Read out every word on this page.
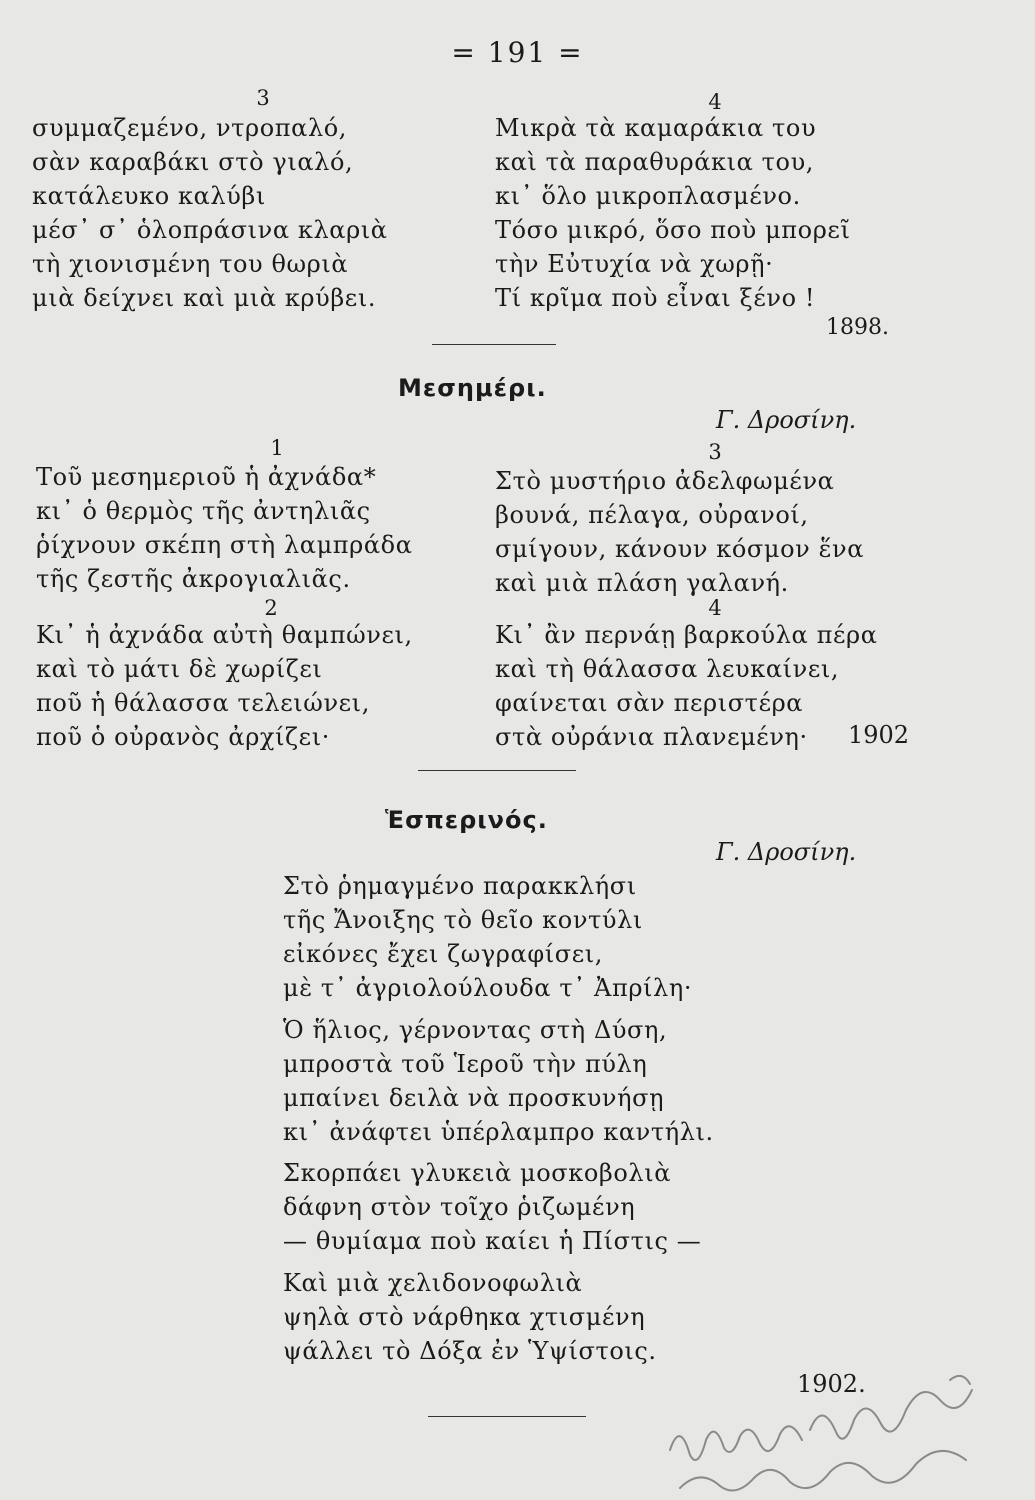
= 191 =
3
συμμαζεμένο, ντροπαλό,
σὰν καραβάκι στὸ γιαλό,
κατάλευκο καλύβι
μέσ᾽ σ᾽ ὁλοπράσινα κλαριὰ
τὴ χιονισμένη του θωριὰ
μιὰ δείχνει καὶ μιὰ κρύβει.
4
Μικρὰ τὰ καμαράκια του
καὶ τὰ παραθυράκια του,
κι᾽ ὅλο μικροπλασμένο.
Τόσο μικρό, ὅσο ποὺ μπορεῖ
τὴν Εὐτυχία νὰ χωρῇ·
Τί κρῖμα ποὺ εἶναι ξένο !
1898.
Μεσημέρι.
Γ. Δροσίνη.
1
Τοῦ μεσημεριοῦ ἡ ἀχνάδα*
κι᾽ ὁ θερμὸς τῆς ἀντηλιᾶς
ῥίχνουν σκέπη στὴ λαμπράδα
τῆς ζεστῆς ἀκρογιαλιᾶς.
2
Κι᾽ ἡ ἀχνάδα αὐτὴ θαμπώνει,
καὶ τὸ μάτι δὲ χωρίζει
ποῦ ἡ θάλασσα τελειώνει,
ποῦ ὁ οὐρανὸς ἀρχίζει·
3
Στὸ μυστήριο ἀδελφωμένα
βουνά, πέλαγα, οὐρανοί,
σμίγουν, κάνουν κόσμον ἕνα
καὶ μιὰ πλάση γαλανή.
4
Κι᾽ ἂν περνάῃ βαρκούλα πέρα
καὶ τὴ θάλασσα λευκαίνει,
φαίνεται σὰν περιστέρα
στὰ οὐράνια πλανεμένη·	1902
Ἑσπερινός.
Γ. Δροσίνη.
Στὸ ῥημαγμένο παρακκλήσι
τῆς Ἄνοιξης τὸ θεῖο κοντύλι
εἰκόνες ἔχει ζωγραφίσει,
μὲ τ᾽ ἀγριολούλουδα τ᾽ Ἀπρίλη·
Ὁ ἥλιος, γέρνοντας στὴ Δύση,
μπροστὰ τοῦ Ἱεροῦ τὴν πύλη
μπαίνει δειλὰ νὰ προσκυνήσῃ
κι᾽ ἀνάφτει ὑπέρλαμπρο καντήλι.
Σκορπάει γλυκειὰ μοσκοβολιὰ
δάφνη στὸν τοῖχο ῥιζωμένη
— θυμίαμα ποὺ καίει ἡ Πίστις —
Καὶ μιὰ χελιδονοφωλιὰ
ψηλὰ στὸ νάρθηκα χτισμένη
ψάλλει τὸ Δόξα ἐν Ὑψίστοις.
1902.
